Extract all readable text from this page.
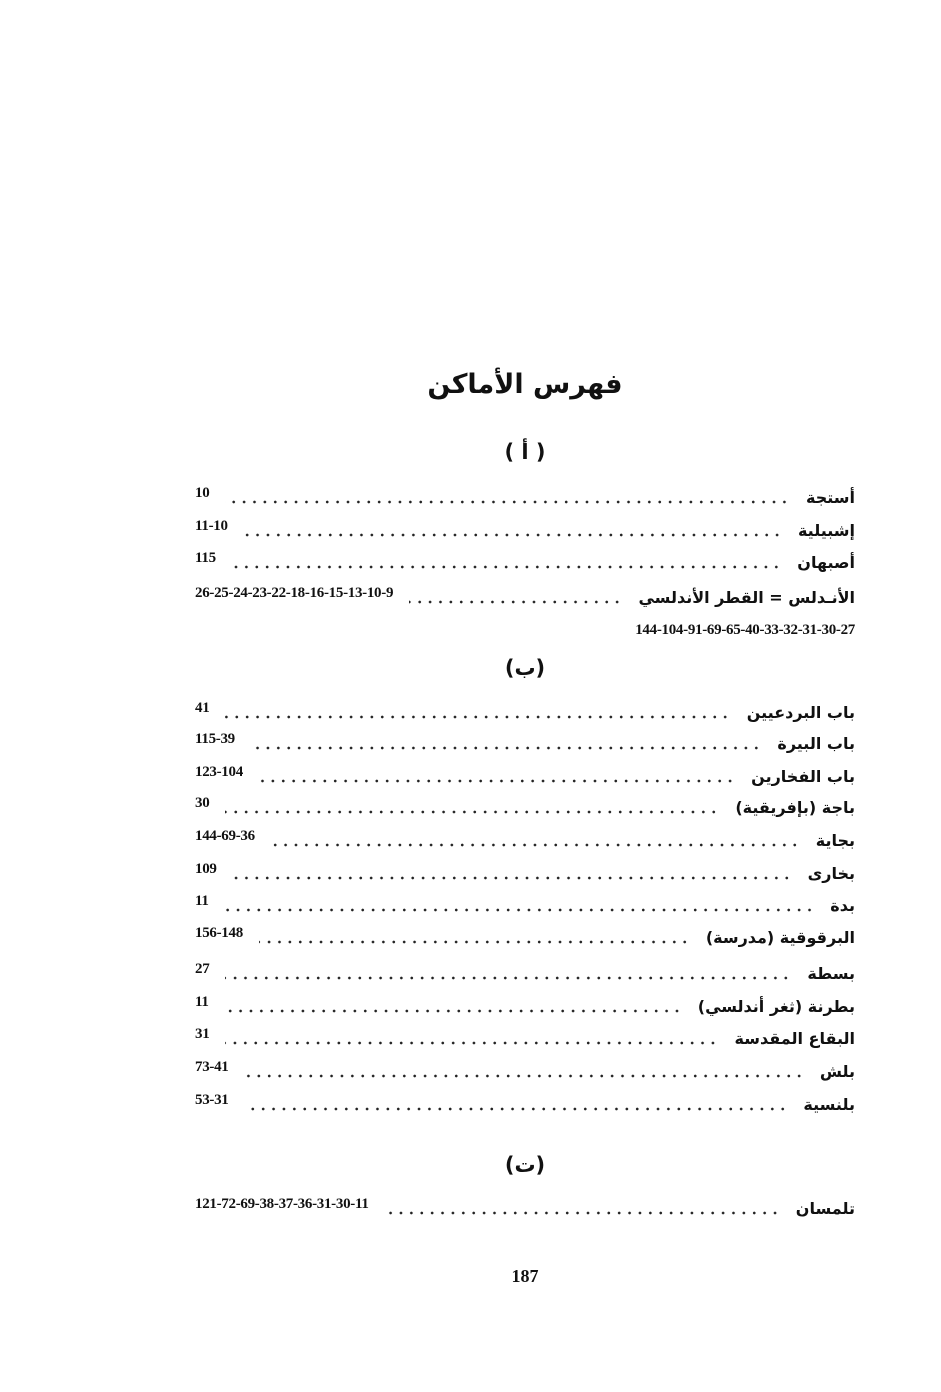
فهرس الأماكن
( أ )
أستجة
10
إشبيلية
11-10
أصبهان
115
الأنـدلس = القطر الأندلسي
26-25-24-23-22-18-16-15-13-10-9
144-104-91-69-65-40-33-32-31-30-27
(ب)
باب البردعيين
41
باب البيرة
115-39
باب الفخارين
123-104
باجة (بإفريقية)
30
بجاية
144-69-36
بخارى
109
بدة
11
البرقوقية (مدرسة)
156-148
بسطة
27
بطرنة (ثغر أندلسي)
11
البقاع المقدسة
31
بلش
73-41
بلنسية
53-31
(ت)
تلمسان
121-72-69-38-37-36-31-30-11
187
